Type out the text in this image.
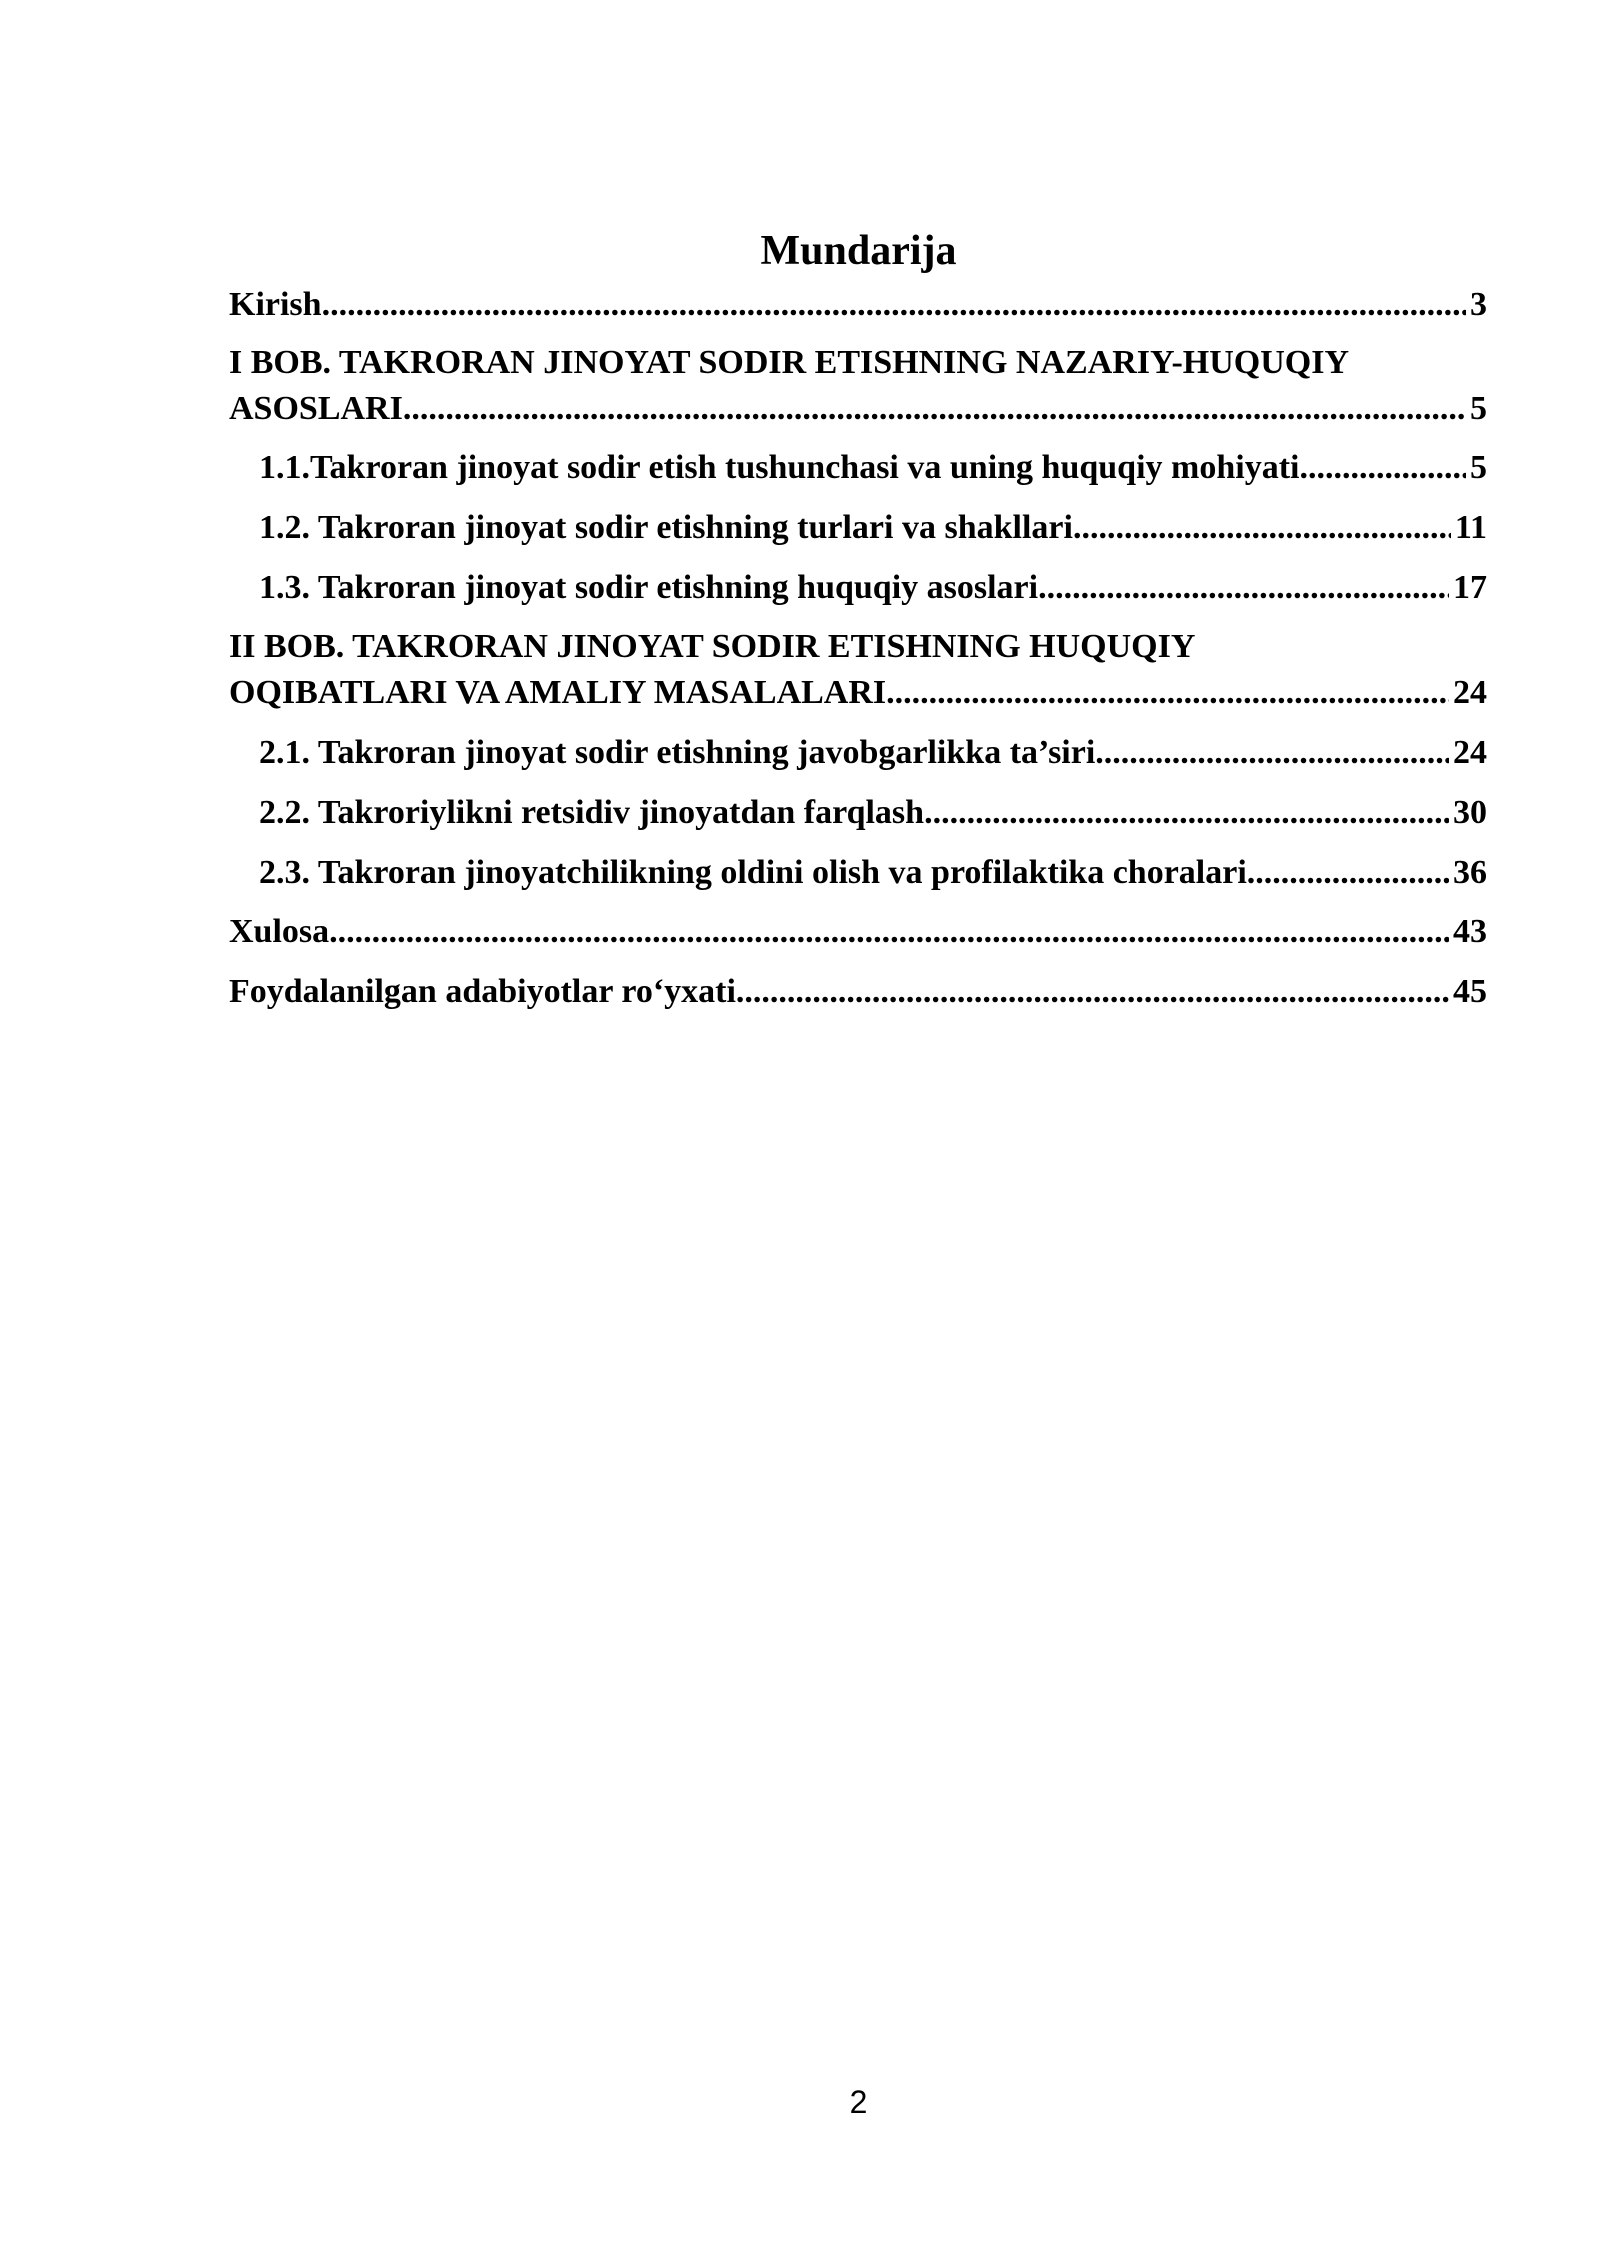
Mundarija
Kirish .....	3
I BOB. TAKRORAN JINOYAT SODIR ETISHNING NAZARIY-HUQUQIY
ASOSLARI .....	5
1.1.Takroran jinoyat sodir etish tushunchasi va uning huquqiy mohiyati .....	5
1.2. Takroran jinoyat sodir etishning turlari va shakllari .....	11
1.3. Takroran jinoyat sodir etishning huquqiy asoslari .....	17
II BOB. TAKRORAN JINOYAT SODIR ETISHNING HUQUQIY
OQIBATLARI VA AMALIY MASALALARI .....	24
2.1. Takroran jinoyat sodir etishning javobgarlikka ta’siri .....	24
2.2. Takroriylikni retsidiv jinoyatdan farqlash .....	30
2.3. Takroran jinoyatchilikning oldini olish va profilaktika choralari .....	36
Xulosa .....	43
Foydalanilgan adabiyotlar ro‘yxati .....	45
2
